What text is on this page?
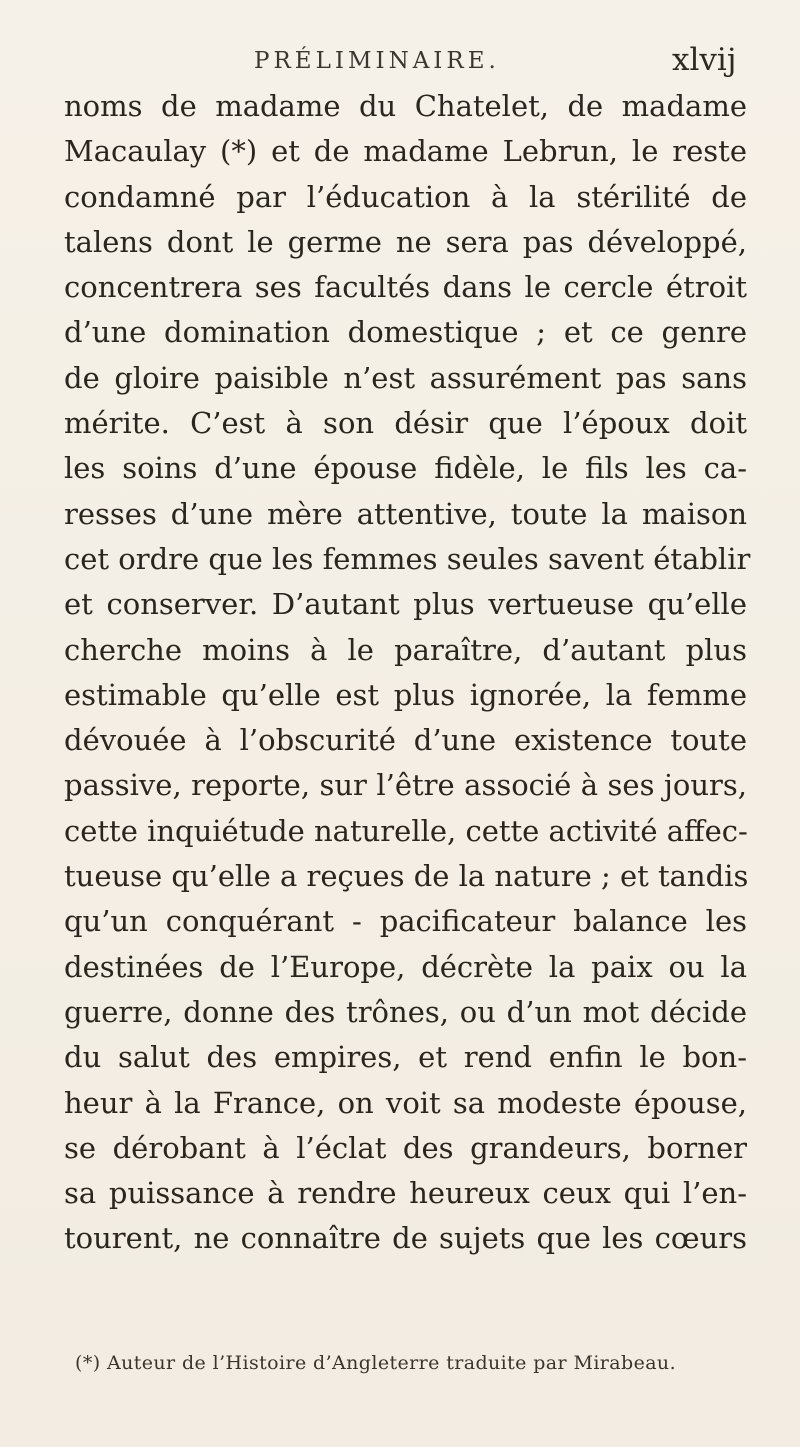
PRÉLIMINAIRE.	xlvij
noms de madame du Chatelet, de madame
Macaulay (*) et de madame Lebrun, le reste
condamné par l’éducation à la stérilité de
talens dont le germe ne sera pas développé,
concentrera ses facultés dans le cercle étroit
d’une domination domestique ; et ce genre
de gloire paisible n’est assurément pas sans
mérite. C’est à son désir que l’époux doit
les soins d’une épouse fidèle, le fils les ca-
resses d’une mère attentive, toute la maison
cet ordre que les femmes seules savent établir
et conserver. D’autant plus vertueuse qu’elle
cherche moins à le paraître, d’autant plus
estimable qu’elle est plus ignorée, la femme
dévouée à l’obscurité d’une existence toute
passive, reporte, sur l’être associé à ses jours,
cette inquiétude naturelle, cette activité affec-
tueuse qu’elle a reçues de la nature ; et tandis
qu’un conquérant - pacificateur balance les
destinées de l’Europe, décrète la paix ou la
guerre, donne des trônes, ou d’un mot décide
du salut des empires, et rend enfin le bon-
heur à la France, on voit sa modeste épouse,
se dérobant à l’éclat des grandeurs, borner
sa puissance à rendre heureux ceux qui l’en-
tourent, ne connaître de sujets que les cœurs
(*) Auteur de l’Histoire d’Angleterre traduite par Mirabeau.
